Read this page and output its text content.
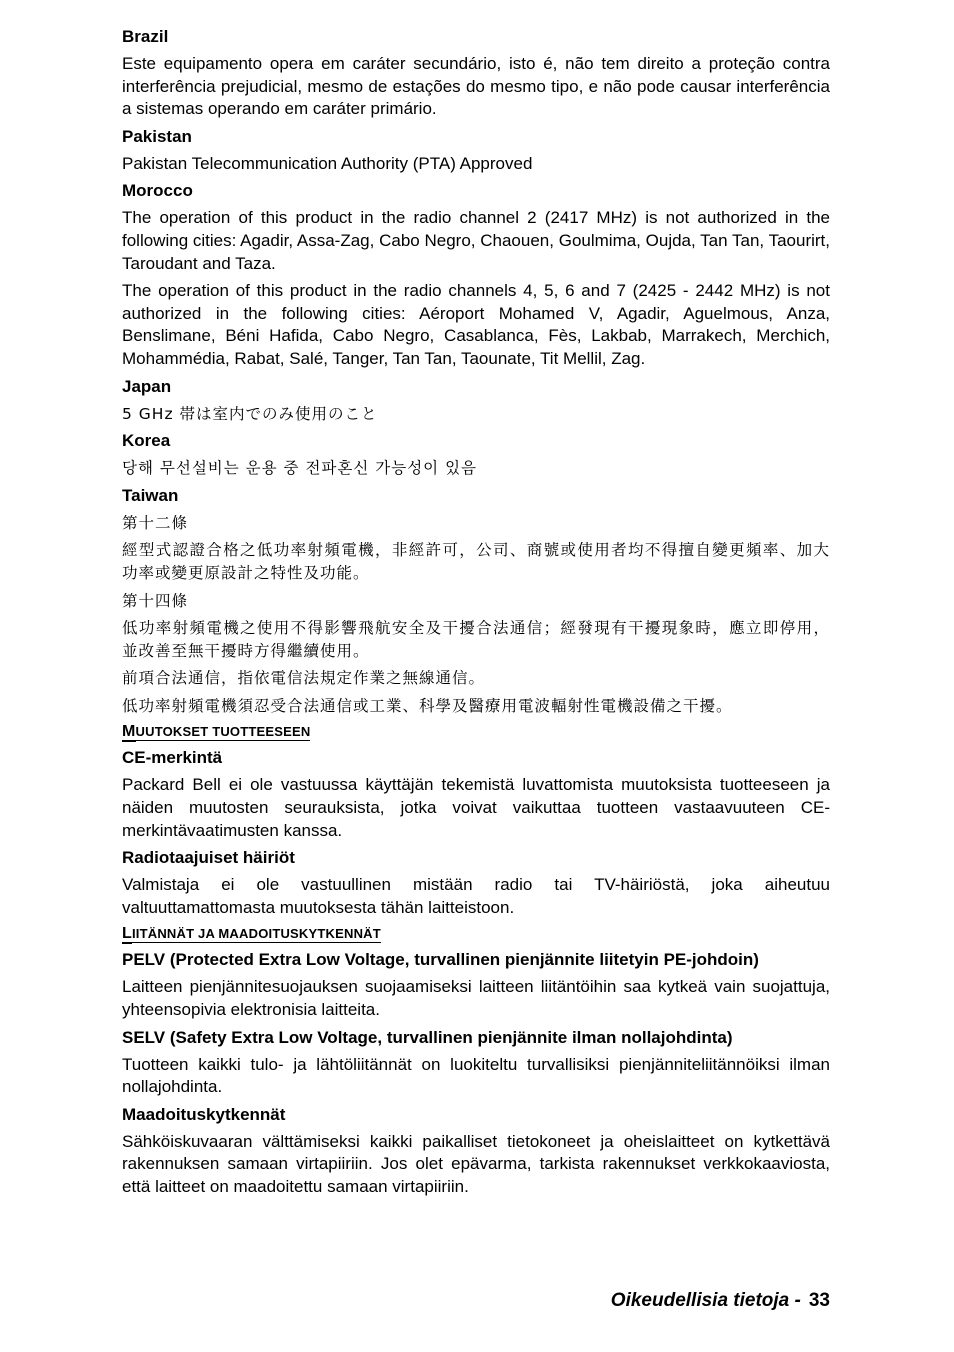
Brazil
Este equipamento opera em caráter secundário, isto é, não tem direito a proteção contra interferência prejudicial, mesmo de estações do mesmo tipo, e não pode causar interferência a sistemas operando em caráter primário.
Pakistan
Pakistan Telecommunication Authority (PTA) Approved
Morocco
The operation of this product in the radio channel 2 (2417 MHz) is not authorized in the following cities: Agadir, Assa-Zag, Cabo Negro, Chaouen, Goulmima, Oujda, Tan Tan, Taourirt, Taroudant and Taza.
The operation of this product in the radio channels 4, 5, 6 and 7 (2425 - 2442 MHz) is not authorized in the following cities: Aéroport Mohamed V, Agadir, Aguelmous, Anza, Benslimane, Béni Hafida, Cabo Negro, Casablanca, Fès, Lakbab, Marrakech, Merchich, Mohammédia, Rabat, Salé, Tanger, Tan Tan, Taounate, Tit Mellil, Zag.
Japan
5 GHz 帯は室内でのみ使用のこと
Korea
당해 무선설비는 운용 중 전파혼신 가능성이 있음
Taiwan
第十二條
經型式認證合格之低功率射頻電機，非經許可，公司、商號或使用者均不得擅自變更頻率、加大功率或變更原設計之特性及功能。
第十四條
低功率射頻電機之使用不得影響飛航安全及干擾合法通信；經發現有干擾現象時，應立即停用，並改善至無干擾時方得繼續使用。
前項合法通信，指依電信法規定作業之無線通信。
低功率射頻電機須忍受合法通信或工業、科學及醫療用電波輻射性電機設備之干擾。
MUUTOKSET TUOTTEESEEN
CE-merkintä
Packard Bell ei ole vastuussa käyttäjän tekemistä luvattomista muutoksista tuotteeseen ja näiden muutosten seurauksista, jotka voivat vaikuttaa tuotteen vastaavuuteen CE-merkintävaatimusten kanssa.
Radiotaajuiset häiriöt
Valmistaja ei ole vastuullinen mistään radio tai TV-häiriöstä, joka aiheutuu valtuuttamattomasta muutoksesta tähän laitteistoon.
LIITÄNNÄT JA MAADOITUSKYTKENNÄT
PELV (Protected Extra Low Voltage, turvallinen pienjännite liitetyin PE-johdoin)
Laitteen pienjännitesuojauksen suojaamiseksi laitteen liitäntöihin saa kytkeä vain suojattuja, yhteensopivia elektronisia laitteita.
SELV (Safety Extra Low Voltage, turvallinen pienjännite ilman nollajohdinta)
Tuotteen kaikki tulo- ja lähtöliitännät on luokiteltu turvallisiksi pienjänniteliitännöiksi ilman nollajohdinta.
Maadoituskytkennät
Sähköiskuvaaran välttämiseksi kaikki paikalliset tietokoneet ja oheislaitteet on kytkettävä rakennuksen samaan virtapiiriin. Jos olet epävarma, tarkista rakennukset verkkokaaviosta, että laitteet on maadoitettu samaan virtapiiriin.
Oikeudellisia tietoja - 33
